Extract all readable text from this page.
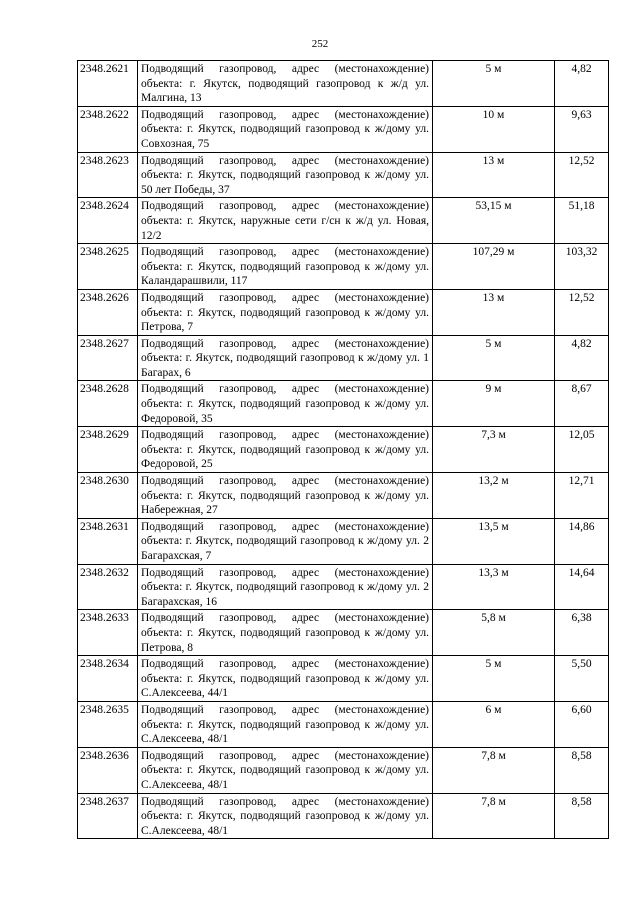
252
2348.2621	Подводящий газопровод, адрес (местонахождение) объекта: г. Якутск, подводящий газопровод к ж/д ул. Малгина, 13	5 м	4,82
2348.2622	Подводящий газопровод, адрес (местонахождение) объекта: г. Якутск, подводящий газопровод к ж/дому ул. Совхозная, 75	10 м	9,63
2348.2623	Подводящий газопровод, адрес (местонахождение) объекта: г. Якутск, подводящий газопровод к ж/дому ул. 50 лет Победы, 37	13 м	12,52
2348.2624	Подводящий газопровод, адрес (местонахождение) объекта: г. Якутск, наружные сети г/сн к ж/д ул. Новая, 12/2	53,15 м	51,18
2348.2625	Подводящий газопровод, адрес (местонахождение) объекта: г. Якутск, подводящий газопровод к ж/дому ул. Каландарашвили, 117	107,29 м	103,32
2348.2626	Подводящий газопровод, адрес (местонахождение) объекта: г. Якутск, подводящий газопровод к ж/дому ул. Петрова, 7	13 м	12,52
2348.2627	Подводящий газопровод, адрес (местонахождение) объекта: г. Якутск, подводящий газопровод к ж/дому ул. 1 Багарах, 6	5 м	4,82
2348.2628	Подводящий газопровод, адрес (местонахождение) объекта: г. Якутск, подводящий газопровод к ж/дому ул. Федоровой, 35	9 м	8,67
2348.2629	Подводящий газопровод, адрес (местонахождение) объекта: г. Якутск, подводящий газопровод к ж/дому ул. Федоровой, 25	7,3 м	12,05
2348.2630	Подводящий газопровод, адрес (местонахождение) объекта: г. Якутск, подводящий газопровод к ж/дому ул. Набережная, 27	13,2 м	12,71
2348.2631	Подводящий газопровод, адрес (местонахождение) объекта: г. Якутск, подводящий газопровод к ж/дому ул. 2 Багарахская, 7	13,5 м	14,86
2348.2632	Подводящий газопровод, адрес (местонахождение) объекта: г. Якутск, подводящий газопровод к ж/дому ул. 2 Багарахская, 16	13,3 м	14,64
2348.2633	Подводящий газопровод, адрес (местонахождение) объекта: г. Якутск, подводящий газопровод к ж/дому ул. Петрова, 8	5,8 м	6,38
2348.2634	Подводящий газопровод, адрес (местонахождение) объекта: г. Якутск, подводящий газопровод к ж/дому ул. С.Алексеева, 44/1	5 м	5,50
2348.2635	Подводящий газопровод, адрес (местонахождение) объекта: г. Якутск, подводящий газопровод к ж/дому ул. С.Алексеева, 48/1	6 м	6,60
2348.2636	Подводящий газопровод, адрес (местонахождение) объекта: г. Якутск, подводящий газопровод к ж/дому ул. С.Алексеева, 48/1	7,8 м	8,58
2348.2637	Подводящий газопровод, адрес (местонахождение) объекта: г. Якутск, подводящий газопровод к ж/дому ул. С.Алексеева, 48/1	7,8 м	8,58
